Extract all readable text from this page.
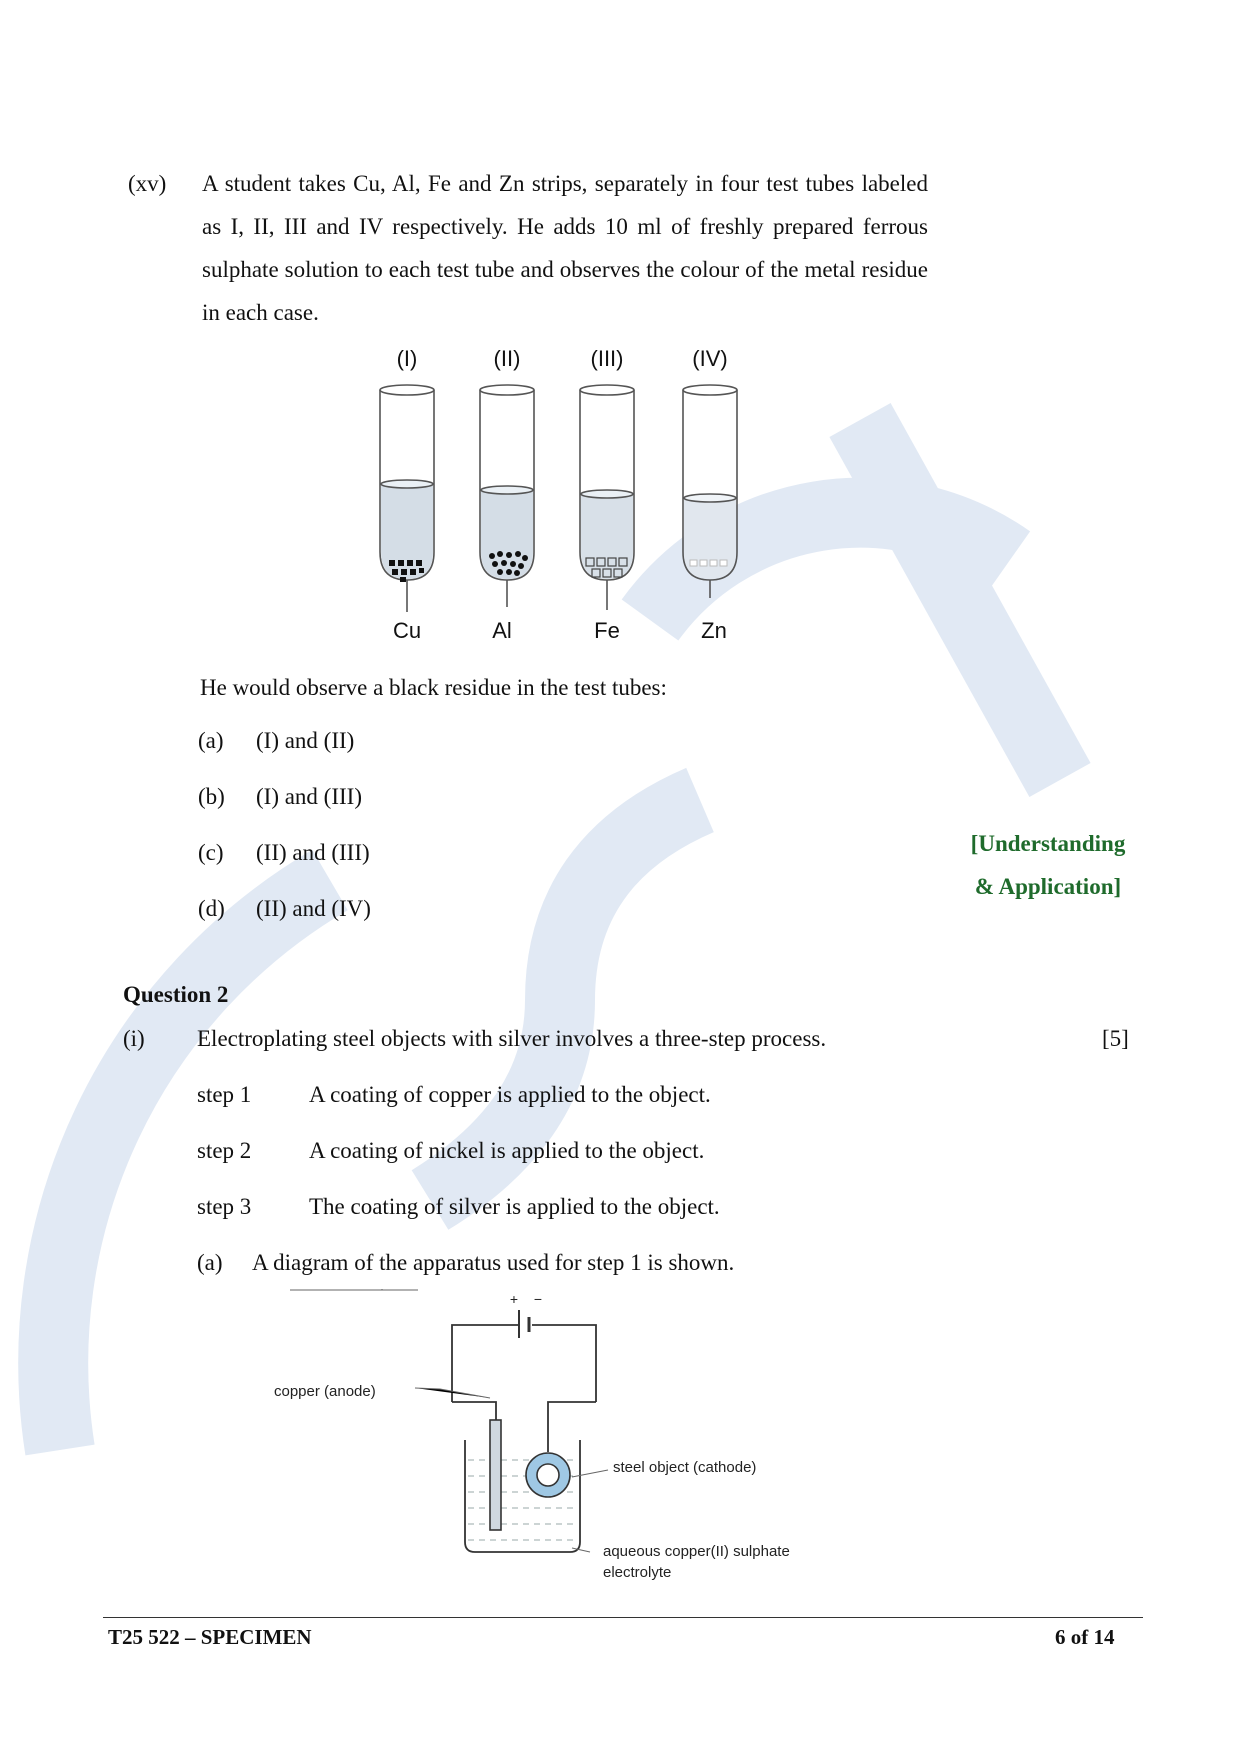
(xv) A student takes Cu, Al, Fe and Zn strips, separately in four test tubes labeled as I, II, III and IV respectively. He adds 10 ml of freshly prepared ferrous sulphate solution to each test tube and observes the colour of the metal residue in each case.
(I)	(II)	(III)	(IV)
Cu	Al	Fe	Zn
He would observe a black residue in the test tubes:
(a) (I) and (II)
(b) (I) and (III)
(c) (II) and (III)
(d) (II) and (IV)
[Understanding
& Application]
Question 2
(i) Electroplating steel objects with silver involves a three-step process.	[5]
step 1	A coating of copper is applied to the object.
step 2	A coating of nickel is applied to the object.
step 3	The coating of silver is applied to the object.
(a) A diagram of the apparatus used for step 1 is shown.
+ −
copper (anode)
steel object (cathode)
aqueous copper(II) sulphate
electrolyte
T25 522 – SPECIMEN	6 of 14
